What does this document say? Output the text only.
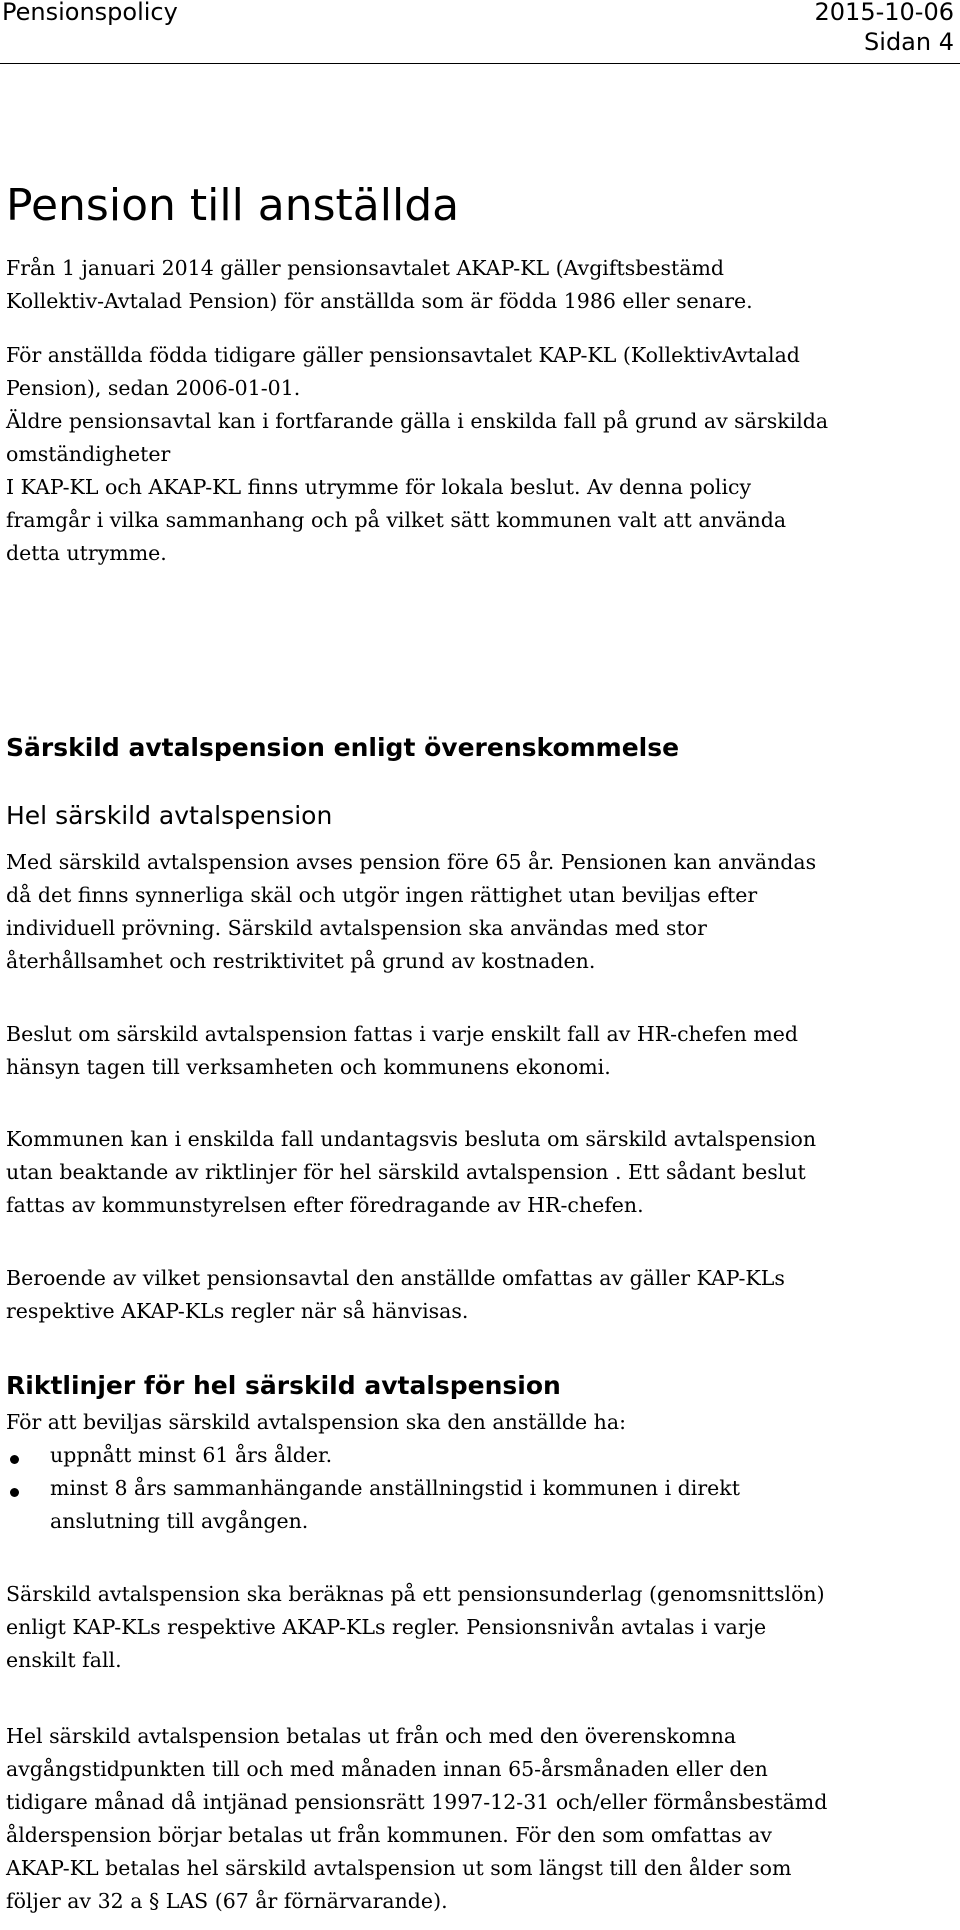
Pensionspolicy	2015-10-06
Sidan 4
Pension till anställda

Från 1 januari 2014 gäller pensionsavtalet AKAP-KL (Avgiftsbestämd
Kollektiv-Avtalad Pension) för anställda som är födda 1986 eller senare.

För anställda födda tidigare gäller pensionsavtalet KAP-KL (KollektivAvtalad
Pension), sedan 2006-01-01.
Äldre pensionsavtal kan i fortfarande gälla i enskilda fall på grund av särskilda
omständigheter
I KAP-KL och AKAP-KL finns utrymme för lokala beslut. Av denna policy
framgår i vilka sammanhang och på vilket sätt kommunen valt att använda
detta utrymme.

Särskild avtalspension enligt överenskommelse
Hel särskild avtalspension

Med särskild avtalspension avses pension före 65 år. Pensionen kan användas
då det finns synnerliga skäl och utgör ingen rättighet utan beviljas efter
individuell prövning. Särskild avtalspension ska användas med stor
återhållsamhet och restriktivitet på grund av kostnaden.

Beslut om särskild avtalspension fattas i varje enskilt fall av HR-chefen med
hänsyn tagen till verksamheten och kommunens ekonomi.

Kommunen kan i enskilda fall undantagsvis besluta om särskild avtalspension
utan beaktande av riktlinjer för hel särskild avtalspension . Ett sådant beslut
fattas av kommunstyrelsen efter föredragande av HR-chefen.

Beroende av vilket pensionsavtal den anställde omfattas av gäller KAP-KLs
respektive AKAP-KLs regler när så hänvisas.

Riktlinjer för hel särskild avtalspension

För att beviljas särskild avtalspension ska den anställde ha:

uppnått minst 61 års ålder.
minst 8 års sammanhängande anställningstid i kommunen i direkt
anslutning till avgången.

Särskild avtalspension ska beräknas på ett pensionsunderlag (genomsnittslön)
enligt KAP-KLs respektive AKAP-KLs regler. Pensionsnivån avtalas i varje
enskilt fall.

Hel särskild avtalspension betalas ut från och med den överenskomna
avgångstidpunkten till och med månaden innan 65-årsmånaden eller den
tidigare månad då intjänad pensionsrätt 1997-12-31 och/eller förmånsbestämd
ålderspension börjar betalas ut från kommunen. För den som omfattas av
AKAP-KL betalas hel särskild avtalspension ut som längst till den ålder som
följer av 32 a § LAS (67 år förnärvarande).
